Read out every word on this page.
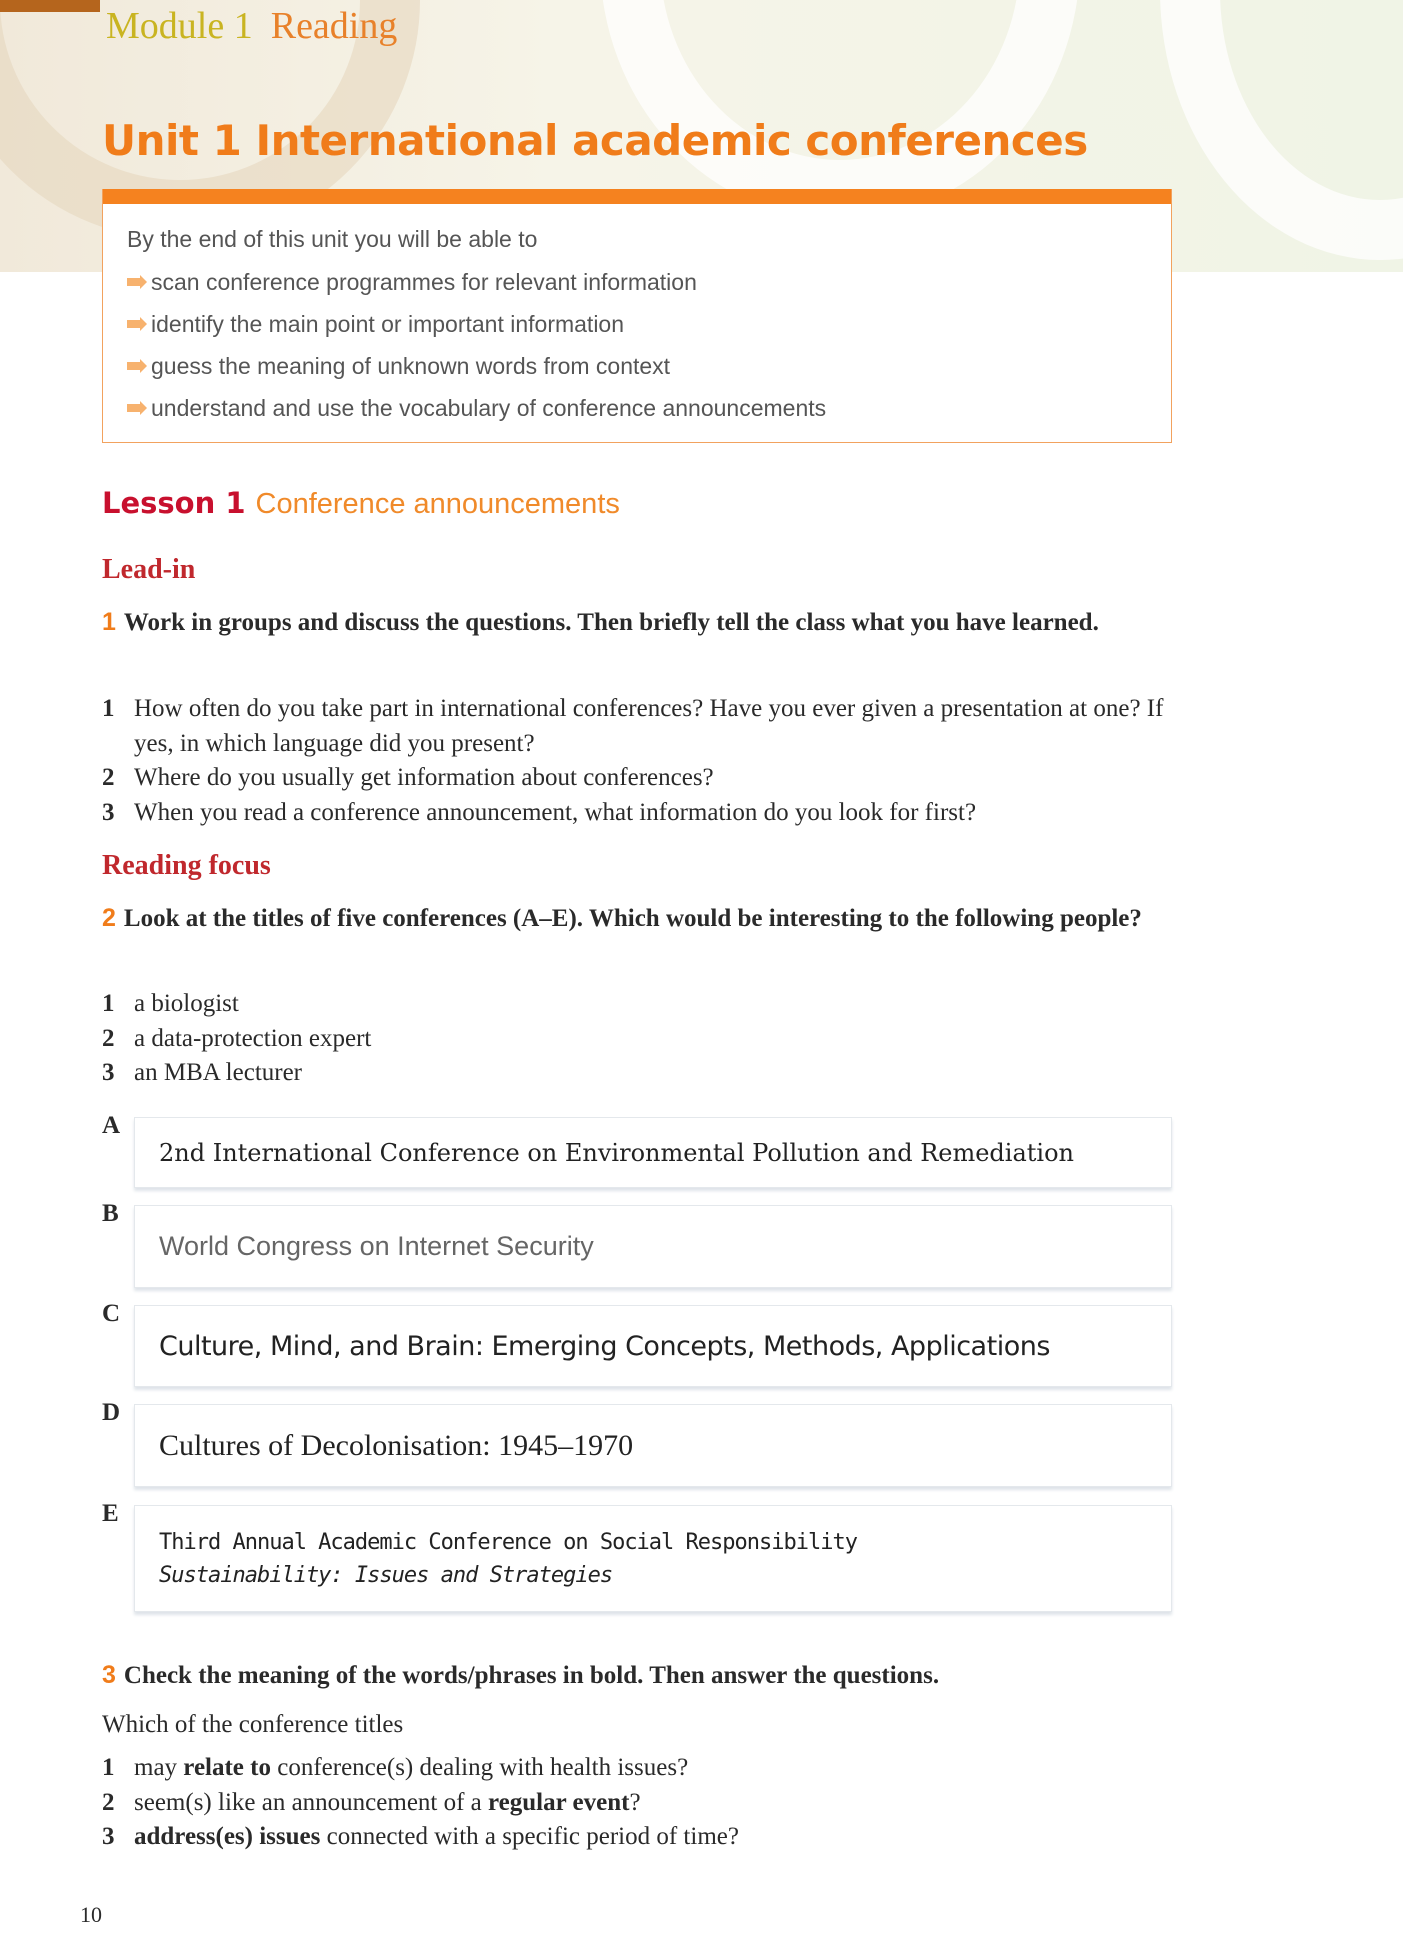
Module 1 Reading
Unit 1 International academic conferences
By the end of this unit you will be able to
scan conference programmes for relevant information
identify the main point or important information
guess the meaning of unknown words from context
understand and use the vocabulary of conference announcements
Lesson 1 Conference announcements
Lead-in
1 Work in groups and discuss the questions. Then briefly tell the class what you have learned.
1 How often do you take part in international conferences? Have you ever given a presentation at one? If yes, in which language did you present?
2 Where do you usually get information about conferences?
3 When you read a conference announcement, what information do you look for first?
Reading focus
2 Look at the titles of five conferences (A–E). Which would be interesting to the following people?
1 a biologist
2 a data-protection expert
3 an MBA lecturer
A
2nd International Conference on Environmental Pollution and Remediation
B
World Congress on Internet Security
C
Culture, Mind, and Brain: Emerging Concepts, Methods, Applications
D
Cultures of Decolonisation: 1945–1970
E
Third Annual Academic Conference on Social Responsibility
Sustainability: Issues and Strategies
3 Check the meaning of the words/phrases in bold. Then answer the questions.
Which of the conference titles
1 may relate to conference(s) dealing with health issues?
2 seem(s) like an announcement of a regular event?
3 address(es) issues connected with a specific period of time?
10
